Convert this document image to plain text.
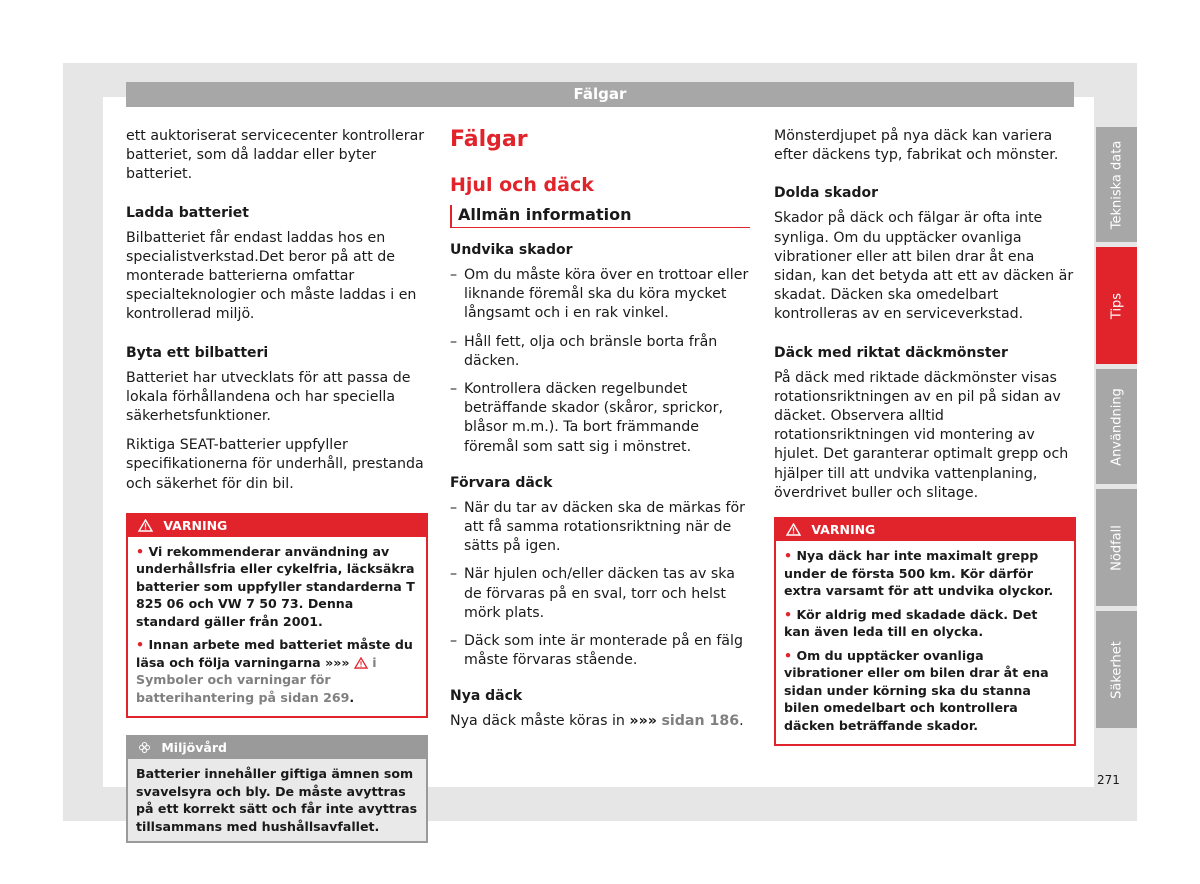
Fälgar

ett auktoriserat servicecenter kontrollerar batteriet, som då laddar eller byter batteriet.

Ladda batteriet

Bilbatteriet får endast laddas hos en specialistverkstad.Det beror på att de monterade batterierna omfattar specialteknologier och måste laddas i en kontrollerad miljö.

Byta ett bilbatteri

Batteriet har utvecklats för att passa de lokala förhållandena och har speciella säkerhetsfunktioner.

Riktiga SEAT-batterier uppfyller specifikationerna för underhåll, prestanda och säkerhet för din bil.

VARNING

• Vi rekommenderar användning av underhållsfria eller cykelfria, läcksäkra batterier som uppfyller standarderna T 825 06 och VW 7 50 73. Denna standard gäller från 2001.

• Innan arbete med batteriet måste du läsa och följa varningarna »»» i Symboler och varningar för batterihantering på sidan 269.

Miljövård
Batterier innehåller giftiga ämnen som svavelsyra och bly. De måste avyttras på ett korrekt sätt och får inte avyttras tillsammans med hushållsavfallet.
Fälgar
Hjul och däck
Allmän information
Undvika skador
– Om du måste köra över en trottoar eller liknande föremål ska du köra mycket långsamt och i en rak vinkel.
– Håll fett, olja och bränsle borta från däcken.
– Kontrollera däcken regelbundet beträffande skador (skåror, sprickor, blåsor m.m.). Ta bort främmande föremål som satt sig i mönstret.
Förvara däck
– När du tar av däcken ska de märkas för att få samma rotationsriktning när de sätts på igen.
– När hjulen och/eller däcken tas av ska de förvaras på en sval, torr och helst mörk plats.
– Däck som inte är monterade på en fälg måste förvaras stående.
Nya däck

Nya däck måste köras in »»» sidan 186.

Mönsterdjupet på nya däck kan variera efter däckens typ, fabrikat och mönster.

Dolda skador

Skador på däck och fälgar är ofta inte synliga. Om du upptäcker ovanliga vibrationer eller att bilen drar åt ena sidan, kan det betyda att ett av däcken är skadat. Däcken ska omedelbart kontrolleras av en serviceverkstad.

Däck med riktat däckmönster

På däck med riktade däckmönster visas rotationsriktningen av en pil på sidan av däcket. Observera alltid rotationsriktningen vid montering av hjulet. Det garanterar optimalt grepp och hjälper till att undvika vattenplaning, överdrivet buller och slitage.

VARNING

• Nya däck har inte maximalt grepp under de första 500 km. Kör därför extra varsamt för att undvika olyckor.

• Kör aldrig med skadade däck. Det kan även leda till en olycka.

• Om du upptäcker ovanliga vibrationer eller om bilen drar åt ena sidan under körning ska du stanna bilen omedelbart och kontrollera däcken beträffande skador.

Tekniska data
Tips
Användning
Nödfall
Säkerhet
271
